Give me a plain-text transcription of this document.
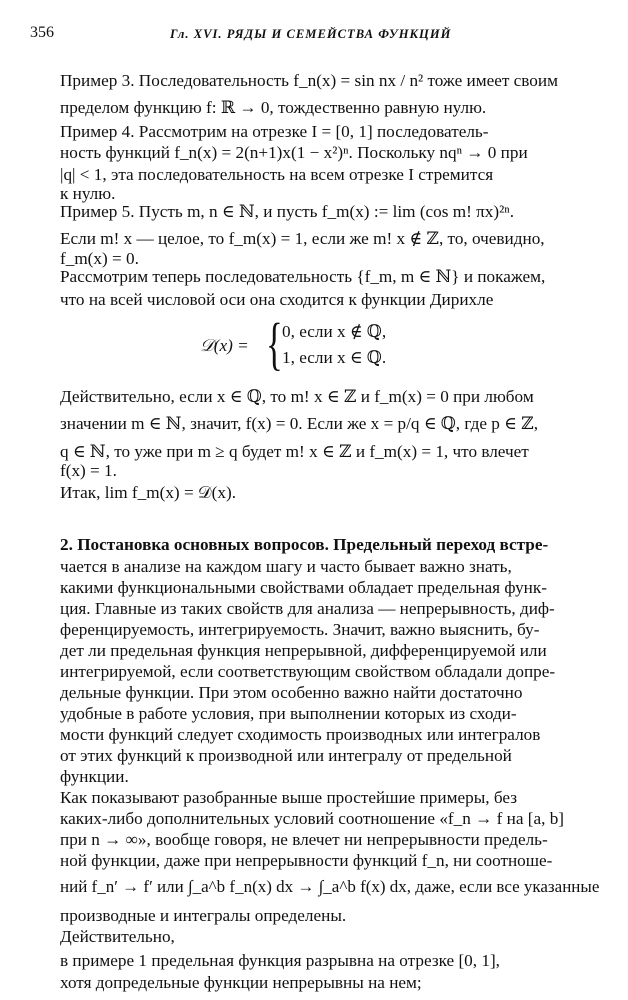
356	Гл. XVI. РЯДЫ И СЕМЕЙСТВА ФУНКЦИЙ
Пример 3. Последовательность f_n(x) = sin nx / n² тоже имеет своим
пределом функцию f: ℝ → 0, тождественно равную нулю.
Пример 4. Рассмотрим на отрезке I = [0, 1] последователь-
ность функций f_n(x) = 2(n+1)x(1 − x²)ⁿ. Поскольку nqⁿ → 0 при
|q| < 1, эта последовательность на всем отрезке I стремится
к нулю.
Пример 5. Пусть m, n ∈ ℕ, и пусть f_m(x) := lim (cos m! πx)²ⁿ.
Если m! x — целое, то f_m(x) = 1, если же m! x ∉ ℤ, то, очевидно,
f_m(x) = 0.
Рассмотрим теперь последовательность {f_m, m ∈ ℕ} и покажем,
что на всей числовой оси она сходится к функции Дирихле
𝒟(x) = { 0, если x ∉ ℚ,
1, если x ∈ ℚ.
Действительно, если x ∈ ℚ, то m! x ∈ ℤ и f_m(x) = 0 при любом
значении m ∈ ℕ, значит, f(x) = 0. Если же x = p/q ∈ ℚ, где p ∈ ℤ,
q ∈ ℕ, то уже при m ≥ q будет m! x ∈ ℤ и f_m(x) = 1, что влечет
f(x) = 1.
Итак, lim f_m(x) = 𝒟(x).
2. Постановка основных вопросов. Предельный переход встре-
чается в анализе на каждом шагу и часто бывает важно знать,
какими функциональными свойствами обладает предельная функ-
ция. Главные из таких свойств для анализа — непрерывность, диф-
ференцируемость, интегрируемость. Значит, важно выяснить, бу-
дет ли предельная функция непрерывной, дифференцируемой или
интегрируемой, если соответствующим свойством обладали допре-
дельные функции. При этом особенно важно найти достаточно
удобные в работе условия, при выполнении которых из сходи-
мости функций следует сходимость производных или интегралов
от этих функций к производной или интегралу от предельной
функции.
Как показывают разобранные выше простейшие примеры, без
каких-либо дополнительных условий соотношение «f_n → f на [a, b]
при n → ∞», вообще говоря, не влечет ни непрерывности предель-
ной функции, даже при непрерывности функций f_n, ни соотноше-
ний f_n′ → f′ или ∫_a^b f_n(x) dx → ∫_a^b f(x) dx, даже, если все указанные
производные и интегралы определены.
Действительно,
в примере 1 предельная функция разрывна на отрезке [0, 1],
хотя допредельные функции непрерывны на нем;
